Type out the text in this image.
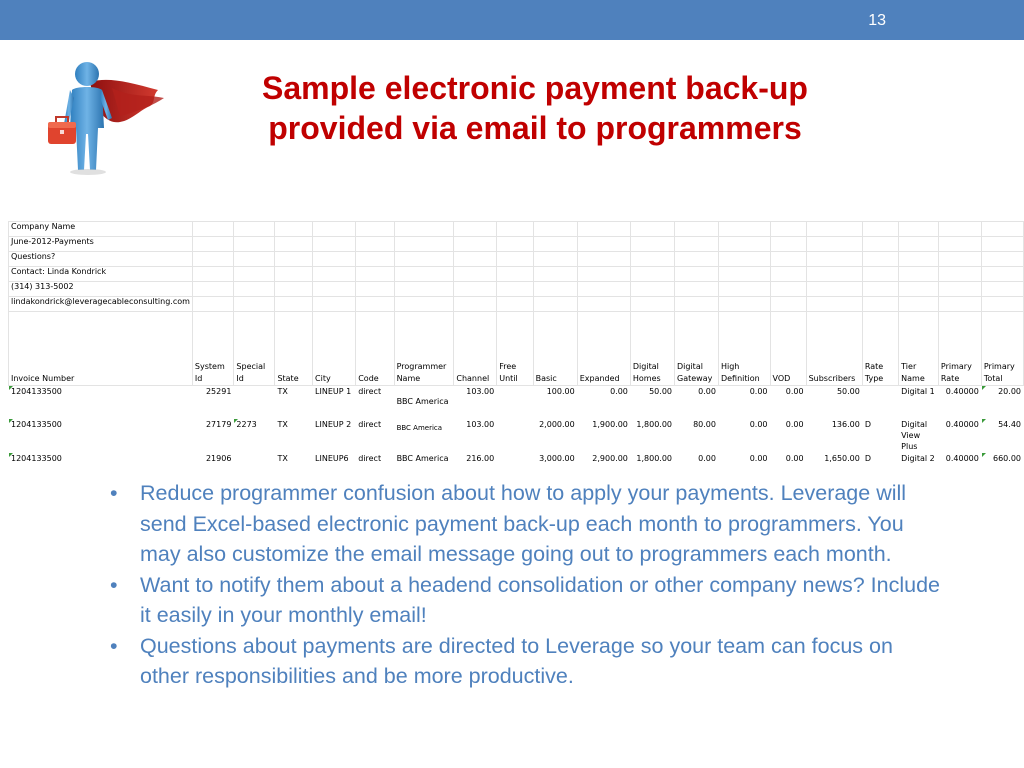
13
Sample electronic payment back-up
provided via email to programmers
Company Name																			
June-2012-Payments																			
Questions?																			
Contact: Linda Kondrick																			
(314) 313-5002																			
lindakondrick@leveragecableconsulting.com																			
Invoice Number	System Id	Special Id	State	City	Code	Programmer Name	Channel	Free Until	Basic	Expanded	Digital Homes	Digital Gateway	High Definition	VOD	Subscribers	Rate Type	Tier Name	Primary Rate	Primary Total
1204133500	25291		TX	LINEUP 1	direct	BBC America	103.00		100.00	0.00	50.00	0.00	0.00	0.00	50.00		Digital 1	0.40000	20.00
1204133500	27179	2273	TX	LINEUP 2	direct	BBC America	103.00		2,000.00	1,900.00	1,800.00	80.00	0.00	0.00	136.00	D	Digital View Plus	0.40000	54.40
1204133500	21906		TX	LINEUP6	direct	BBC America	216.00		3,000.00	2,900.00	1,800.00	0.00	0.00	0.00	1,650.00	D	Digital 2	0.40000	660.00
• Reduce programmer confusion about how to apply your payments. Leverage will send Excel-based electronic payment back-up each month to programmers. You may also customize the email message going out to programmers each month.
• Want to notify them about a headend consolidation or other company news? Include it easily in your monthly email!
• Questions about payments are directed to Leverage so your team can focus on other responsibilities and be more productive.
